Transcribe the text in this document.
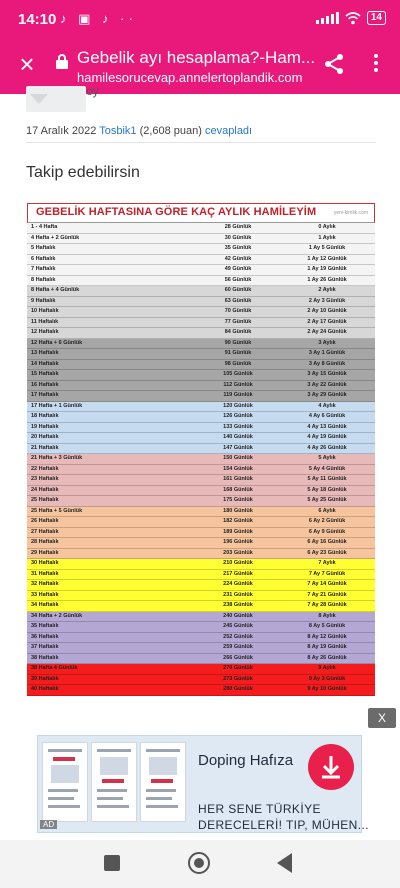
14:10 ♪ ▣ ♪ ··	14
×	Gebelik ayı hesaplama?-Ham...
hamilesorucevap.annelertoplandik.com
oy
17 Aralık 2022 Tosbik1 (2,608 puan) cevapladı
Takip edebilirsin
GEBELİK HAFTASINA GÖRE KAÇ AYLIK HAMİLEYİM	yeni-kimlik.com
1 - 4 Hafta	28 Günlük	0 Aylık
4 Hafta + 2 Günlük	30 Günlük	1 Aylık
5 Haftalık	35 Günlük	1 Ay 5 Günlük
6 Haftalık	42 Günlük	1 Ay 12 Günlük
7 Haftalık	49 Günlük	1 Ay 19 Günlük
8 Haftalık	56 Günlük	1 Ay 26 Günlük
8 Hafta + 4 Günlük	60 Günlük	2 Aylık
9 Haftalık	63 Günlük	2 Ay 3 Günlük
10 Haftalık	70 Günlük	2 Ay 10 Günlük
11 Haftalık	77 Günlük	2 Ay 17 Günlük
12 Haftalık	84 Günlük	2 Ay 24 Günlük
12 Hafta + 6 Günlük	90 Günlük	3 Aylık
13 Haftalık	91 Günlük	3 Ay 1 Günlük
14 Haftalık	98 Günlük	3 Ay 8 Günlük
15 Haftalık	105 Günlük	3 Ay 15 Günlük
16 Haftalık	112 Günlük	3 Ay 22 Günlük
17 Haftalık	119 Günlük	3 Ay 29 Günlük
17 Hafta + 1 Günlük	120 Günlük	4 Aylık
18 Haftalık	126 Günlük	4 Ay 6 Günlük
19 Haftalık	133 Günlük	4 Ay 13 Günlük
20 Haftalık	140 Günlük	4 Ay 19 Günlük
21 Haftalık	147 Günlük	4 Ay 26 Günlük
21 Hafta + 3 Günlük	150 Günlük	5 Aylık
22 Haftalık	154 Günlük	5 Ay 4 Günlük
23 Haftalık	161 Günlük	5 Ay 11 Günlük
24 Haftalık	168 Günlük	5 Ay 18 Günlük
25 Haftalık	175 Günlük	5 Ay 25 Günlük
25 Hafta + 5 Günlük	180 Günlük	6 Aylık
26 Haftalık	182 Günlük	6 Ay 2 Günlük
27 Haftalık	189 Günlük	6 Ay 9 Günlük
28 Haftalık	196 Günlük	6 Ay 16 Günlük
29 Haftalık	203 Günlük	6 Ay 23 Günlük
30 Haftalık	210 Günlük	7 Aylık
31 Haftalık	217 Günlük	7 Ay 7 Günlük
32 Haftalık	224 Günlük	7 Ay 14 Günlük
33 Haftalık	231 Günlük	7 Ay 21 Günlük
34 Haftalık	238 Günlük	7 Ay 28 Günlük
34 Hafta + 2 Günlük	240 Günlük	8 Aylık
35 Haftalık	245 Günlük	8 Ay 5 Günlük
36 Haftalık	252 Günlük	8 Ay 12 Günlük
37 Haftalık	259 Günlük	8 Ay 19 Günlük
38 Haftalık	266 Günlük	8 Ay 26 Günlük
38 Hafta 4 Günlük	270 Günlük	9 Aylık
39 Haftalık	273 Günlük	9 Ay 3 Günlük
40 Haftalık	280 Günlük	9 Ay 10 Günlük
X
Doping Hafıza
HER SENE TÜRKİYE
DERECELERİ! TIP, MÜHEN...
AD
